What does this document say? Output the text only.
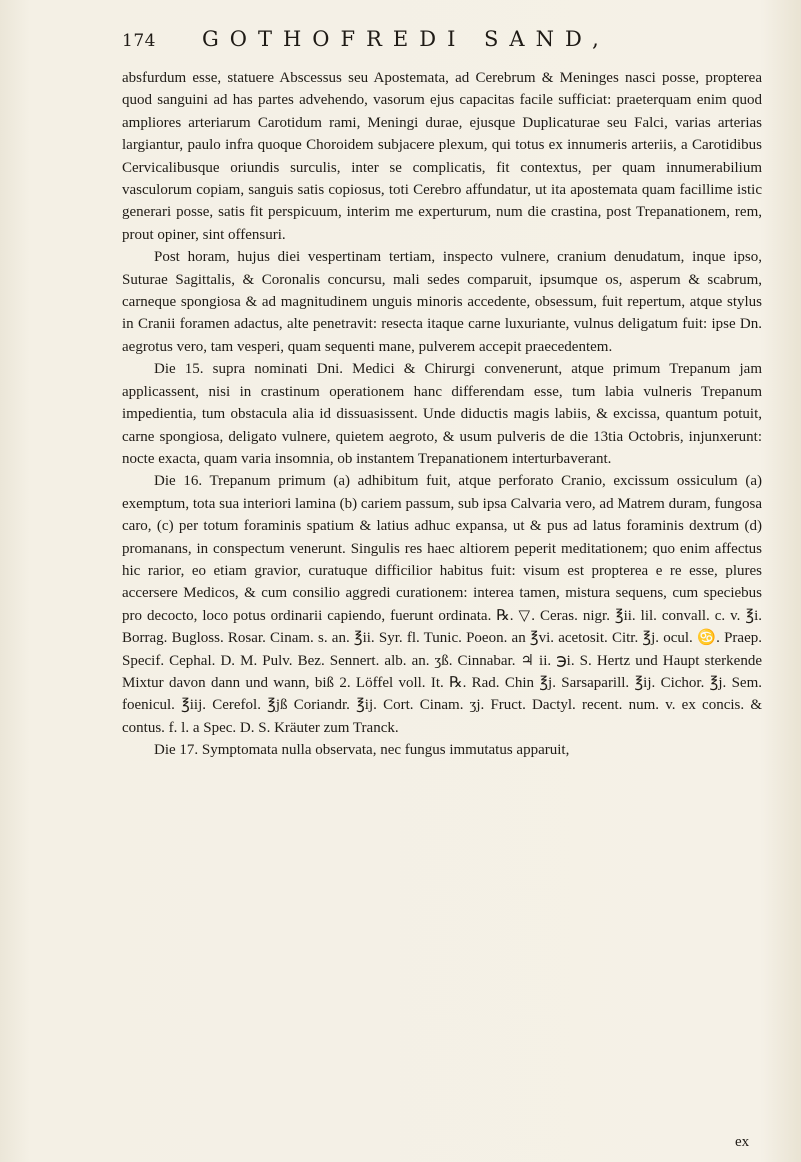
174 GOTHOFREDI SAND,

absfurdum esse, statuere Abscessus seu Apostemata, ad Cerebrum & Meninges nasci posse, propterea quod sanguini ad has partes advehendo, vasorum ejus capacitas facile sufficiat: praeterquam enim quod ampliores arteriarum Carotidum rami, Meningi durae, ejusque Duplicaturae seu Falci, varias arterias largiantur, paulo infra quoque Choroidem subjacere plexum, qui totus ex innumeris arteriis, a Carotidibus Cervicalibusque oriundis surculis, inter se complicatis, fit contextus, per quam innumerabilium vasculorum copiam, sanguis satis copiosus, toti Cerebro affundatur, ut ita apostemata quam facillime istic generari posse, satis fit perspicuum, interim me experturum, num die crastina, post Trepanationem, rem, prout opiner, sint offensuri.

Post horam, hujus diei vespertinam tertiam, inspecto vulnere, cranium denudatum, inque ipso, Suturae Sagittalis, & Coronalis concursu, mali sedes comparuit, ipsumque os, asperum & scabrum, carneque spongiosa & ad magnitudinem unguis minoris accedente, obsessum, fuit repertum, atque stylus in Cranii foramen adactus, alte penetravit: resecta itaque carne luxuriante, vulnus deligatum fuit: ipse Dn. aegrotus vero, tam vesperi, quam sequenti mane, pulverem accepit praecedentem.

Die 15. supra nominati Dni. Medici & Chirurgi convenerunt, atque primum Trepanum jam applicassent, nisi in crastinum operationem hanc differendam esse, tum labia vulneris Trepanum impedientia, tum obstacula alia id dissuasissent. Unde diductis magis labiis, & excissa, quantum potuit, carne spongiosa, deligato vulnere, quietem aegroto, & usum pulveris de die 13tia Octobris, injunxerunt: nocte exacta, quam varia insomnia, ob instantem Trepanationem interturbaverant.

Die 16. Trepanum primum (a) adhibitum fuit, atque perforato Cranio, excissum ossiculum (a) exemptum, tota sua interiori lamina (b) cariem passum, sub ipsa Calvaria vero, ad Matrem duram, fungosa caro, (c) per totum foraminis spatium & latius adhuc expansa, ut & pus ad latus foraminis dextrum (d) promanans, in conspectum venerunt. Singulis res haec altiorem peperit meditationem; quo enim affectus hic rarior, eo etiam gravior, curatuque difficilior habitus fuit: visum est propterea e re esse, plures accersere Medicos, & cum consilio aggredi curationem: interea tamen, mistura sequens, cum speciebus pro decocto, loco potus ordinarii capiendo, fuerunt ordinata. ℞. ▽. Ceras. nigr. ℥ii. lil. convall. c. v. ℥i. Borrag. Bugloss. Rosar. Cinam. s. an. ℥ii. Syr. fl. Tunic. Poeon. an ℥vi. acetosit. Citr. ℥j. ocul. ♋. Praep. Specif. Cephal. D. M. Pulv. Bez. Sennert. alb. an. ʒß. Cinnabar. ♃ ii. ℈i. S. Hertz und Haupt sterkende Mixtur davon dann und wann, biß 2. Löffel voll. It. ℞. Rad. Chin ℥j. Sarsaparill. ℥ij. Cichor. ℥j. Sem. foenicul. ℥iij. Cerefol. ℥jß Coriandr. ℥ij. Cort. Cinam. ʒj. Fruct. Dactyl. recent. num. v. ex concis. & contus. f. l. a Spec. D. S. Kräuter zum Tranck.

Die 17. Symptomata nulla observata, nec fungus immutatus apparuit,

ex
